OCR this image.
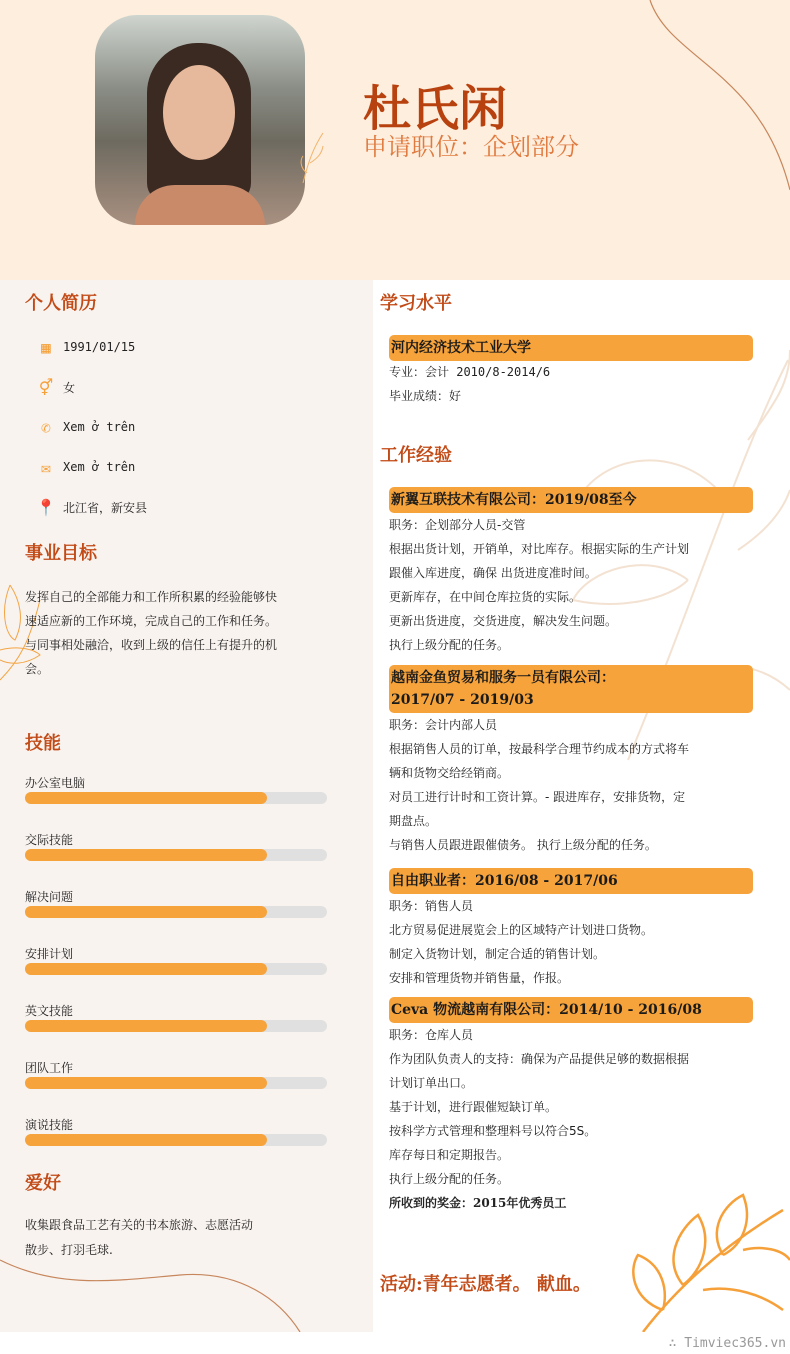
杜氏闲
申请职位：企划部分
个人简历
▦	1991/01/15
⚥ 女
✆	Xem ở trên
✉	Xem ở trên
📍 北江省，新安县
事业目标
发挥自己的全部能力和工作所积累的经验能够快
速适应新的工作环境，完成自己的工作和任务。
与同事相处融洽，收到上级的信任上有提升的机
会。
技能
办公室电脑
交际技能
解决问题
安排计划
英文技能
团队工作
演说技能
爱好
收集跟食品工艺有关的书本旅游、志愿活动
散步、打羽毛球.
学习水平
河内经济技术工业大学
专业：会计 2010/8-2014/6
毕业成绩：好
工作经验
新翼互联技术有限公司：2019/08至今
职务：企划部分人员-交管
根据出货计划，开销单，对比库存。根据实际的生产计划
跟催入库进度，确保 出货进度准时间。
更新库存，在中间仓库拉货的实际。
更新出货进度，交货进度，解决发生问题。
执行上级分配的任务。
越南金鱼贸易和服务一员有限公司：
2017/07 - 2019/03
职务：会计内部人员
根据销售人员的订单，按最科学合理节约成本的方式将车
辆和货物交给经销商。
对员工进行计时和工资计算。- 跟进库存，安排货物，定
期盘点。
与销售人员跟进跟催债务。 执行上级分配的任务。
自由职业者：2016/08 - 2017/06
职务：销售人员
北方贸易促进展览会上的区域特产计划进口货物。
制定入货物计划，制定合适的销售计划。
安排和管理货物并销售量，作报。
Ceva 物流越南有限公司：2014/10 - 2016/08
职务：仓库人员
作为团队负责人的支持：确保为产品提供足够的数据根据
计划订单出口。
基于计划，进行跟催短缺订单。
按科学方式管理和整理料号以符合5S。
库存每日和定期报告。
执行上级分配的任务。
所收到的奖金：2015年优秀员工
活动:青年志愿者。 献血。
∴ Timviec365.vn
